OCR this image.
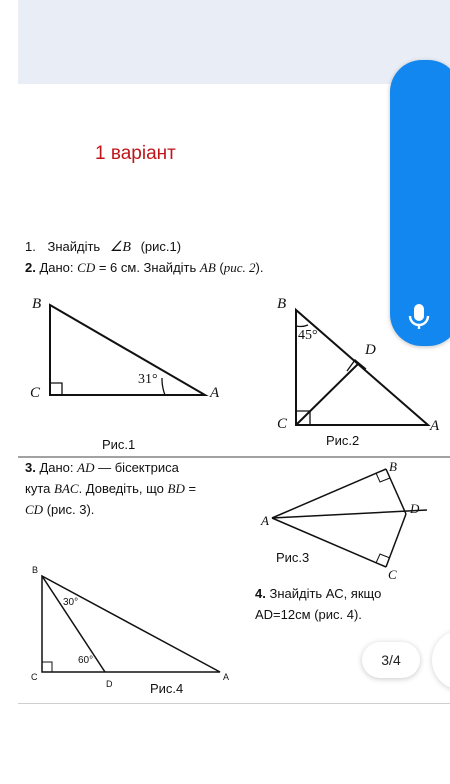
1 варіант
1. Знайдіть ∠B (рис.1)
2. Дано: CD = 6 см. Знайдіть AB (рис. 2).
B
C	A
31°
Рис.1
B
45°
D
C	A
Рис.2
3. Дано: AD — бісектриса
кута BAC. Доведіть, що BD =
CD (рис. 3).
B
A
D
C
Рис.3
B
30°
60°
C
D
A
Рис.4
4. Знайдіть АС, якщо
AD=12см (рис. 4).
3/4
